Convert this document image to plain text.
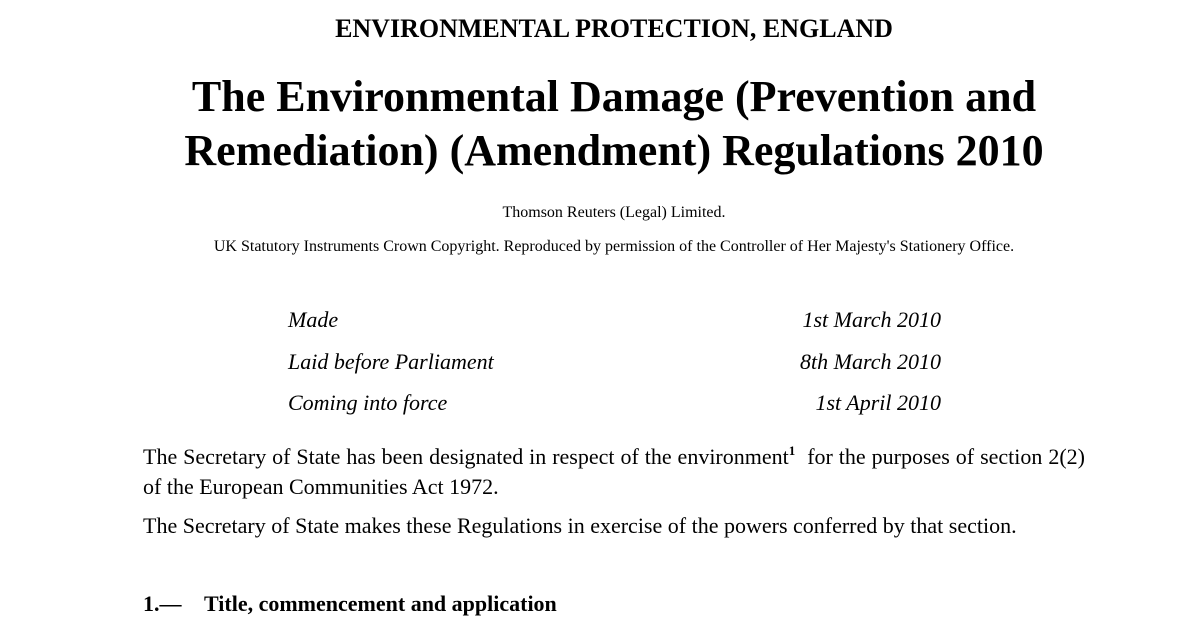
ENVIRONMENTAL PROTECTION, ENGLAND
The Environmental Damage (Prevention and
Remediation) (Amendment) Regulations 2010
Thomson Reuters (Legal) Limited.
UK Statutory Instruments Crown Copyright. Reproduced by permission of the Controller of Her Majesty's Stationery Office.
Made	1st March 2010
Laid before Parliament	8th March 2010
Coming into force	1st April 2010
The Secretary of State has been designated in respect of the environment$^1$ for the purposes of section 2(2) of the European Communities Act 1972.
The Secretary of State makes these Regulations in exercise of the powers conferred by that section.
1.—	Title, commencement and application
